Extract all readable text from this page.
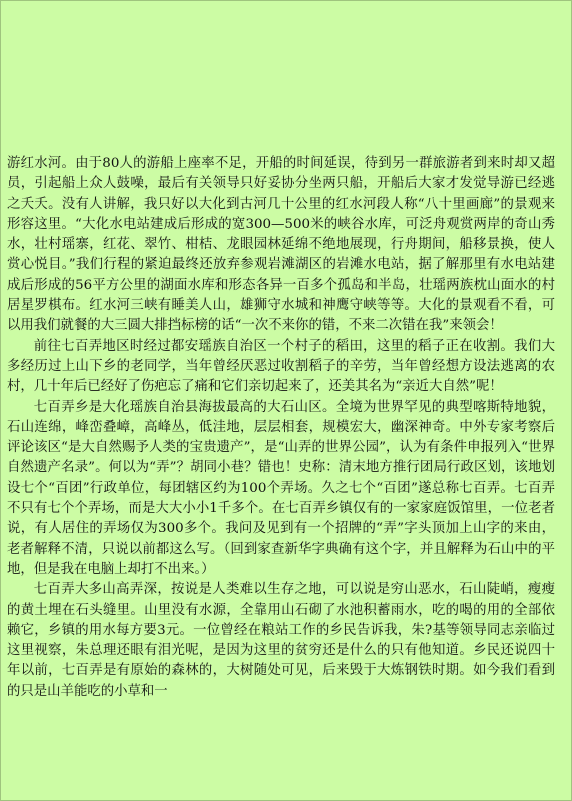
游红水河。由于80人的游船上座率不足，开船的时间延误，待到另一群旅游者到来时却又超员，引起船上众人鼓噪，最后有关领导只好妥协分坐两只船，开船后大家才发觉导游已经逃之夭夭。没有人讲解，我只好以大化到古河几十公里的红水河段人称“八十里画廊”的景观来形容这里。“大化水电站建成后形成的宽300—500米的峡谷水库，可泛舟观赏两岸的奇山秀水，壮村瑶寨，红花、翠竹、柑桔、龙眼园林延绵不绝地展现，行舟期间，船移景换，使人赏心悦目。”我们行程的紧迫最终还放弃参观岩滩湖区的岩滩水电站，据了解那里有水电站建成后形成的56平方公里的湖面水库和形态各异一百多个孤岛和半岛，壮瑶两族枕山面水的村居星罗棋布。红水河三峡有睡美人山，雄狮守水城和神鹰守峡等等。大化的景观看不看，可以用我们就餐的大三圆大排挡标榜的话“一次不来你的错，不来二次错在我”来领会！

前往七百弄地区时经过都安瑶族自治区一个村子的稻田，这里的稻子正在收割。我们大多经历过上山下乡的老同学，当年曾经厌恶过收割稻子的辛劳，当年曾经想方设法逃离的农村，几十年后已经好了伤疤忘了痛和它们亲切起来了，还美其名为“亲近大自然”呢！

七百弄乡是大化瑶族自治县海拔最高的大石山区。全境为世界罕见的典型喀斯特地貌，石山连绵，峰峦叠嶂，高峰丛，低洼地，层层相套，规模宏大，幽深神奇。中外专家考察后评论该区“是大自然赐予人类的宝贵遗产”，是“山弄的世界公园”，认为有条件申报列入“世界自然遗产名录”。何以为“弄”？胡同小巷？错也！史称：清末地方推行团局行政区划，该地划设七个“百团”行政单位，每团辖区约为100个弄场。久之七个“百团”遂总称七百弄。七百弄不只有七个个弄场，而是大大小小1千多个。在七百弄乡镇仅有的一家家庭饭馆里，一位老者说，有人居住的弄场仅为300多个。我问及见到有一个招牌的“弄”字头顶加上山字的来由，老者解释不清，只说以前都这么写。（回到家查新华字典确有这个字，并且解释为石山中的平地，但是我在电脑上却打不出来。）

七百弄大多山高弄深，按说是人类难以生存之地，可以说是穷山恶水，石山陡峭，瘦瘦的黄土埋在石头缝里。山里没有水源，全靠用山石砌了水池积蓄雨水，吃的喝的用的全部依赖它，乡镇的用水每方要3元。一位曾经在粮站工作的乡民告诉我，朱?基等领导同志亲临过这里视察，朱总理还眼有泪光呢，是因为这里的贫穷还是什么的只有他知道。乡民还说四十年以前，七百弄是有原始的森林的，大树随处可见，后来毁于大炼钢铁时期。如今我们看到的只是山羊能吃的小草和一
